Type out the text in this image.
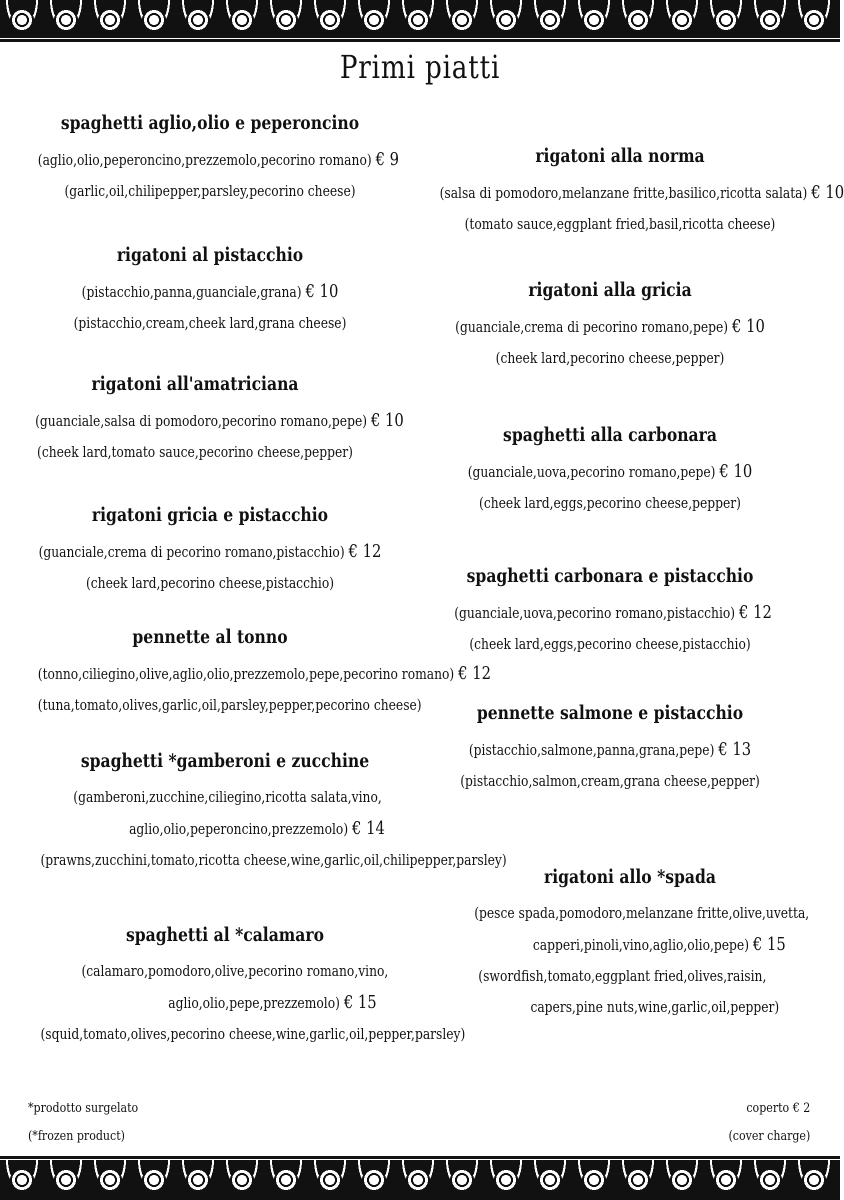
Primi piatti
spaghetti aglio,olio e peperoncino
(aglio,olio,peperoncino,prezzemolo,pecorino romano) € 9
(garlic,oil,chilipepper,parsley,pecorino cheese)
rigatoni al pistacchio
(pistacchio,panna,guanciale,grana) € 10
(pistacchio,cream,cheek lard,grana cheese)
rigatoni all'amatriciana
(guanciale,salsa di pomodoro,pecorino romano,pepe) € 10
(cheek lard,tomato sauce,pecorino cheese,pepper)
rigatoni gricia e pistacchio
(guanciale,crema di pecorino romano,pistacchio) € 12
(cheek lard,pecorino cheese,pistacchio)
pennette al tonno
(tonno,ciliegino,olive,aglio,olio,prezzemolo,pepe,pecorino romano) € 12
(tuna,tomato,olives,garlic,oil,parsley,pepper,pecorino cheese)
spaghetti *gamberoni e zucchine
(gamberoni,zucchine,ciliegino,ricotta salata,vino,
aglio,olio,peperoncino,prezzemolo) € 14
(prawns,zucchini,tomato,ricotta cheese,wine,garlic,oil,chilipepper,parsley)
spaghetti al *calamaro
(calamaro,pomodoro,olive,pecorino romano,vino,
aglio,olio,pepe,prezzemolo) € 15
(squid,tomato,olives,pecorino cheese,wine,garlic,oil,pepper,parsley)
rigatoni alla norma
(salsa di pomodoro,melanzane fritte,basilico,ricotta salata) € 10
(tomato sauce,eggplant fried,basil,ricotta cheese)
rigatoni alla gricia
(guanciale,crema di pecorino romano,pepe) € 10
(cheek lard,pecorino cheese,pepper)
spaghetti alla carbonara
(guanciale,uova,pecorino romano,pepe) € 10
(cheek lard,eggs,pecorino cheese,pepper)
spaghetti carbonara e pistacchio
(guanciale,uova,pecorino romano,pistacchio) € 12
(cheek lard,eggs,pecorino cheese,pistacchio)
pennette salmone e pistacchio
(pistacchio,salmone,panna,grana,pepe) € 13
(pistacchio,salmon,cream,grana cheese,pepper)
rigatoni allo *spada
(pesce spada,pomodoro,melanzane fritte,olive,uvetta,
capperi,pinoli,vino,aglio,olio,pepe) € 15
(swordfish,tomato,eggplant fried,olives,raisin,
capers,pine nuts,wine,garlic,oil,pepper)
*prodotto surgelato
(*frozen product)
coperto € 2
(cover charge)
